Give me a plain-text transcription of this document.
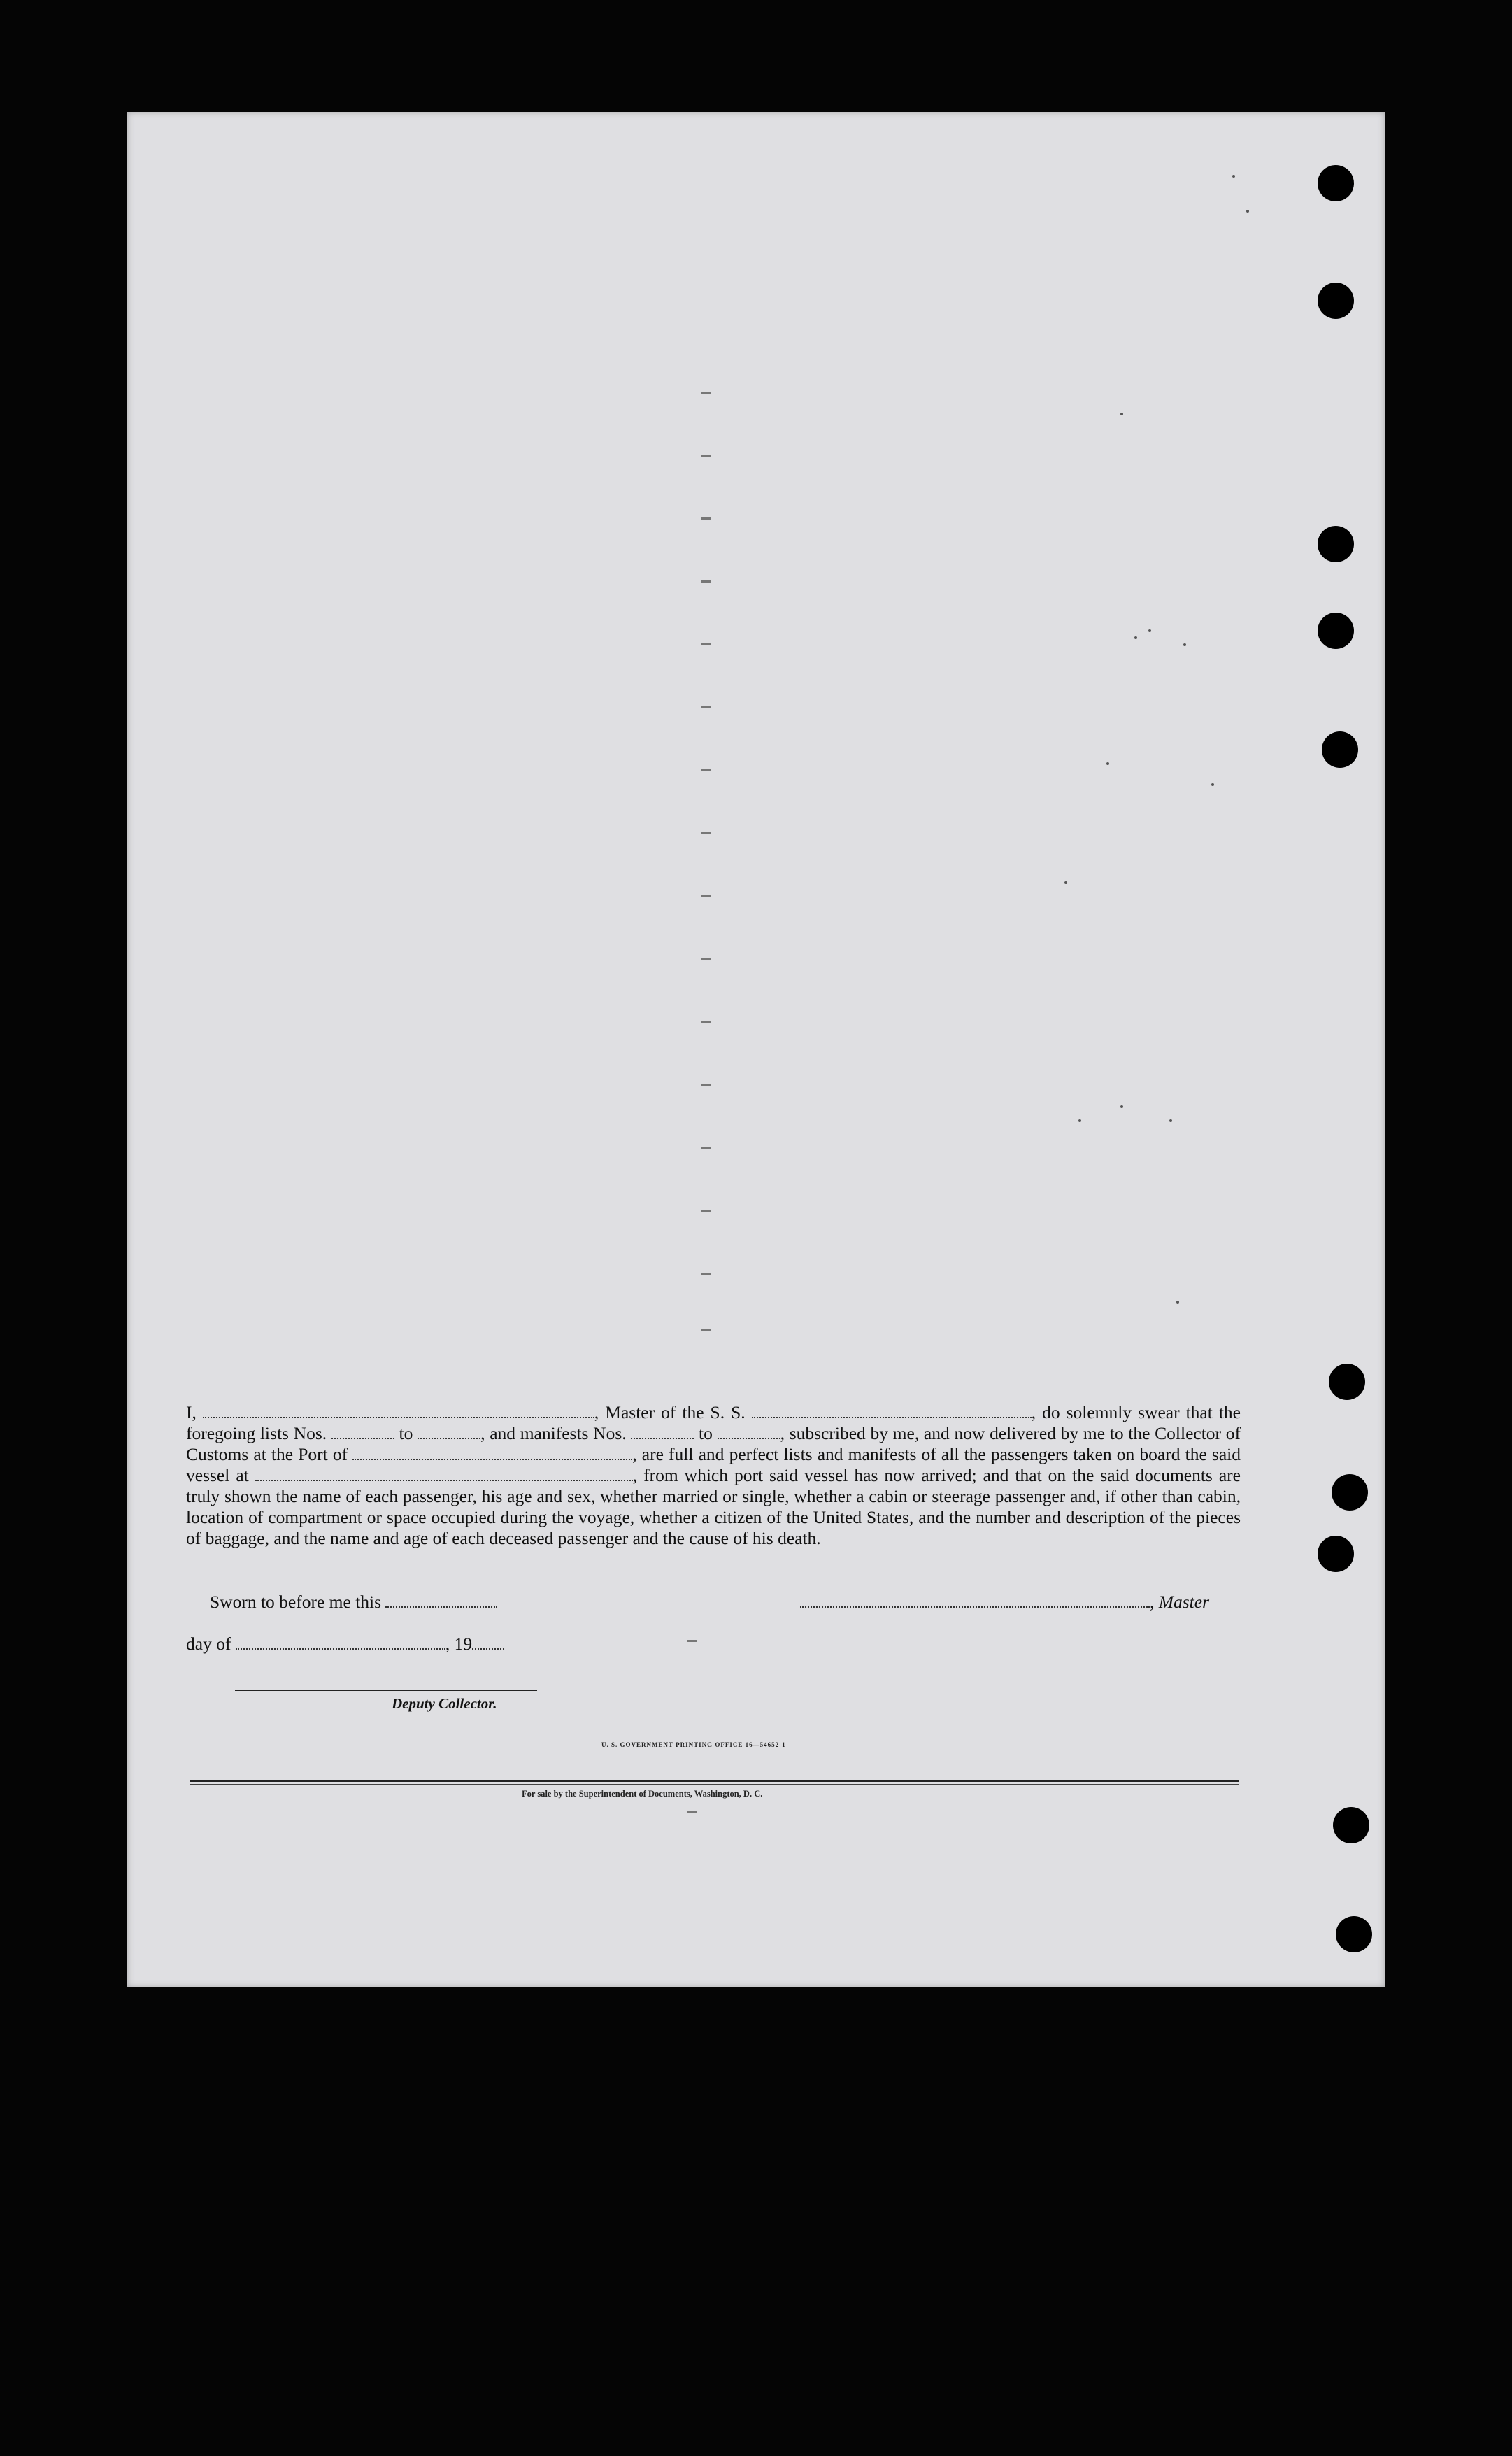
I,	, Master of the S. S.	, do solemnly swear that the foregoing lists Nos.	to	, and manifests Nos.	to	, subscribed by me, and now delivered by me to the Collector of Customs at the Port of	, are full and perfect lists and manifests of all the passengers taken on board the said vessel at	, from which port said vessel has now arrived; and that on the said documents are truly shown the name of each passenger, his age and sex, whether married or single, whether a cabin or steerage passenger and, if other than cabin, location of compartment or space occupied during the voyage, whether a citizen of the United States, and the number and description of the pieces of baggage, and the name and age of each deceased passenger and the cause of his death.
Sworn to before me this	, Master
day of	, 19
Deputy Collector.
U. S. GOVERNMENT PRINTING OFFICE 16—54652-1
For sale by the Superintendent of Documents, Washington, D. C.
